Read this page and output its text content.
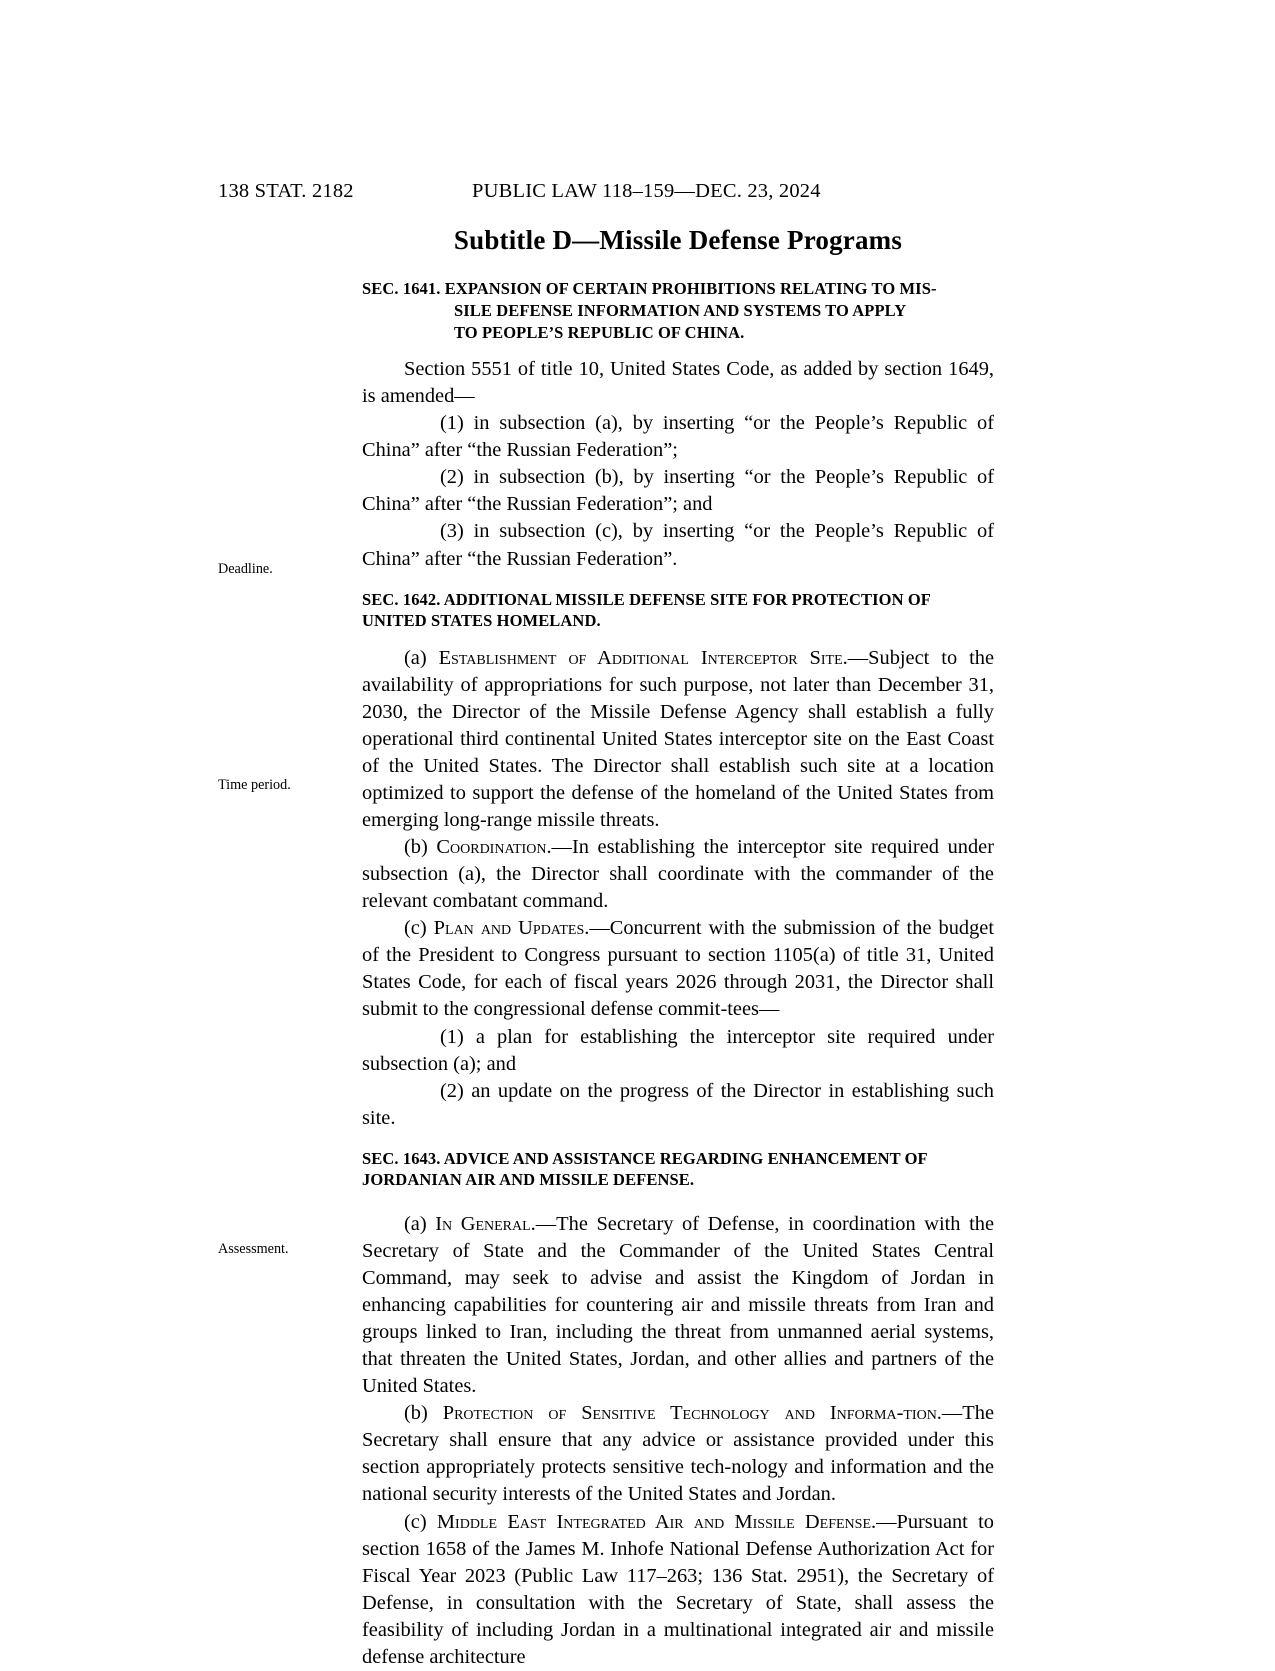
138 STAT. 2182	PUBLIC LAW 118–159—DEC. 23, 2024
Deadline.
Time period.
Assessment.
Subtitle D—Missile Defense Programs
SEC. 1641. EXPANSION OF CERTAIN PROHIBITIONS RELATING TO MIS-
SILE DEFENSE INFORMATION AND SYSTEMS TO APPLY
TO PEOPLE’S REPUBLIC OF CHINA.

Section 5551 of title 10, United States Code, as added by section 1649, is amended—

(1) in subsection (a), by inserting “or the People’s Republic of China” after “the Russian Federation”;

(2) in subsection (b), by inserting “or the People’s Republic of China” after “the Russian Federation”; and

(3) in subsection (c), by inserting “or the People’s Republic of China” after “the Russian Federation”.

SEC. 1642. ADDITIONAL MISSILE DEFENSE SITE FOR PROTECTION OF
UNITED STATES HOMELAND.

(a) Establishment of Additional Interceptor Site.—Subject to the availability of appropriations for such purpose, not later than December 31, 2030, the Director of the Missile Defense Agency shall establish a fully operational third continental United States interceptor site on the East Coast of the United States. The Director shall establish such site at a location optimized to support the defense of the homeland of the United States from emerging long-range missile threats.

(b) Coordination.—In establishing the interceptor site required under subsection (a), the Director shall coordinate with the commander of the relevant combatant command.

(c) Plan and Updates.—Concurrent with the submission of the budget of the President to Congress pursuant to section 1105(a) of title 31, United States Code, for each of fiscal years 2026 through 2031, the Director shall submit to the congressional defense commit-tees—

(1) a plan for establishing the interceptor site required under subsection (a); and

(2) an update on the progress of the Director in establishing such site.

SEC. 1643. ADVICE AND ASSISTANCE REGARDING ENHANCEMENT OF
JORDANIAN AIR AND MISSILE DEFENSE.

(a) In General.—The Secretary of Defense, in coordination with the Secretary of State and the Commander of the United States Central Command, may seek to advise and assist the Kingdom of Jordan in enhancing capabilities for countering air and missile threats from Iran and groups linked to Iran, including the threat from unmanned aerial systems, that threaten the United States, Jordan, and other allies and partners of the United States.

(b) Protection of Sensitive Technology and Informa-tion.—The Secretary shall ensure that any advice or assistance provided under this section appropriately protects sensitive tech-nology and information and the national security interests of the United States and Jordan.

(c) Middle East Integrated Air and Missile Defense.—Pursuant to section 1658 of the James M. Inhofe National Defense Authorization Act for Fiscal Year 2023 (Public Law 117–263; 136 Stat. 2951), the Secretary of Defense, in consultation with the Secretary of State, shall assess the feasibility of including Jordan in a multinational integrated air and missile defense architecture
